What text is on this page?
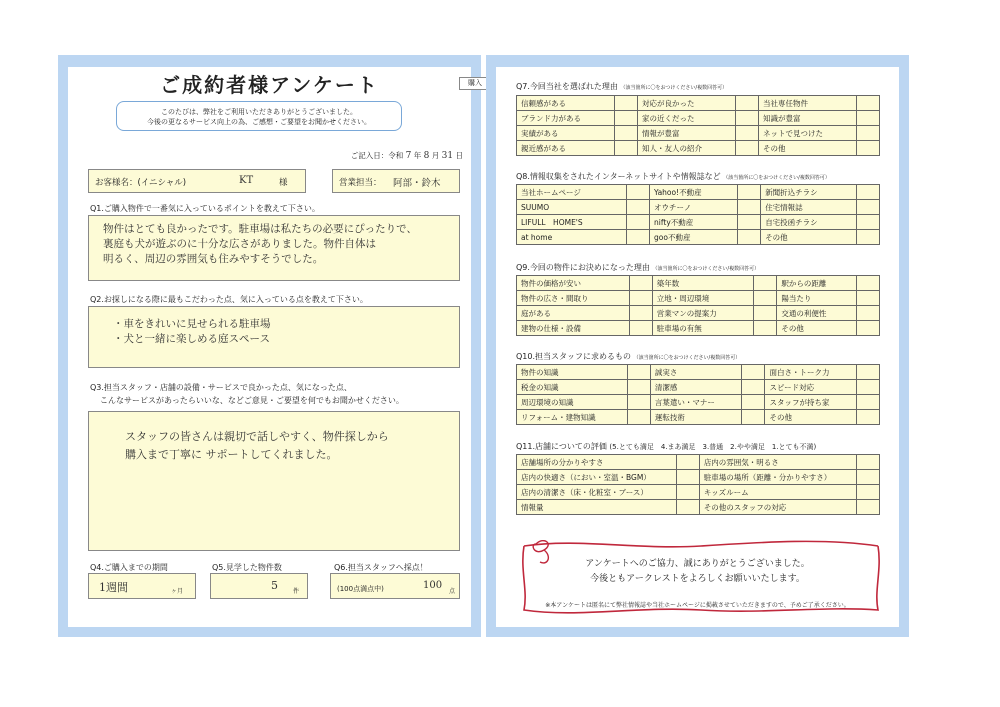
購入
ご成約者様アンケート
このたびは、弊社をご利用いただきありがとうございました。
今後の更なるサービス向上の為、ご感想・ご要望をお聞かせください。
ご記入日：令和 7 年 8 月 31 日
お客様名：(イニシャル)	KT	様	営業担当： 阿部・鈴木
Q1.ご購入物件で一番気に入っているポイントを教えて下さい。
物件はとても良かったです。駐車場は私たちの必要にぴったりで、
裏庭も犬が遊ぶのに十分な広さがありました。物件自体は
明るく、周辺の雰囲気も住みやすそうでした。
Q2.お探しになる際に最もこだわった点、気に入っている点を教えて下さい。
・車をきれいに見せられる駐車場
・犬と一緒に楽しめる庭スペース
Q3.担当スタッフ・店舗の設備・サービスで良かった点、気になった点、
こんなサービスがあったらいいな、などご意見・ご要望を何でもお聞かせください。
スタッフの皆さんは親切で話しやすく、物件探しから
購入まで丁寧に サポートしてくれました。
Q4.ご購入までの期間
1週間	ヶ月
Q5.見学した物件数
5	件
Q6.担当スタッフへ採点！
(100点満点中)	100
点
Q7.今回当社を選ばれた理由 （該当箇所に〇をおつけください/複数回答可）
信頼感がある		対応が良かった		当社専任物件	
ブランド力がある		家の近くだった		知識が豊富	
実績がある		情報が豊富		ネットで見つけた	
親近感がある		知人・友人の紹介		その他	
Q8.情報収集をされたインターネットサイトや情報誌など （該当箇所に〇をおつけください/複数回答可）
当社ホームページ		Yahoo!不動産		新聞折込チラシ	
SUUMO		オウチーノ		住宅情報誌	
LIFULL　HOME'S		nifty不動産		自宅投函チラシ	
at home		goo不動産		その他	
Q9.今回の物件にお決めになった理由 （該当箇所に〇をおつけください/複数回答可）
物件の価格が安い		築年数		駅からの距離	
物件の広さ・間取り		立地・周辺環境		陽当たり	
庭がある		営業マンの提案力		交通の利便性	
建物の仕様・設備		駐車場の有無		その他	
Q10.担当スタッフに求めるもの （該当箇所に〇をおつけください/複数回答可）
物件の知識		誠実さ		面白さ・トーク力	
税金の知識		清潔感		スピード対応	
周辺環境の知識		言葉遣い・マナー		スタッフが持ち家	
リフォーム・建物知識		運転技術		その他	
Q11.店舗についての評価 (5.とても満足　4.まあ満足　3.普通　2.やや満足　1.とても不満)
店舗場所の分かりやすさ		店内の雰囲気・明るさ	
店内の快適さ（におい・室温・BGM）		駐車場の場所（距離・分かりやすさ）	
店内の清潔さ（床・化粧室・ブース）		キッズルーム	
情報量		その他のスタッフの対応	
アンケートへのご協力、誠にありがとうございました。
今後ともアークレストをよろしくお願いいたします。
※本アンケートは匿名にて弊社情報誌や当社ホームページに掲載させていただきますので、予めご了承ください。
